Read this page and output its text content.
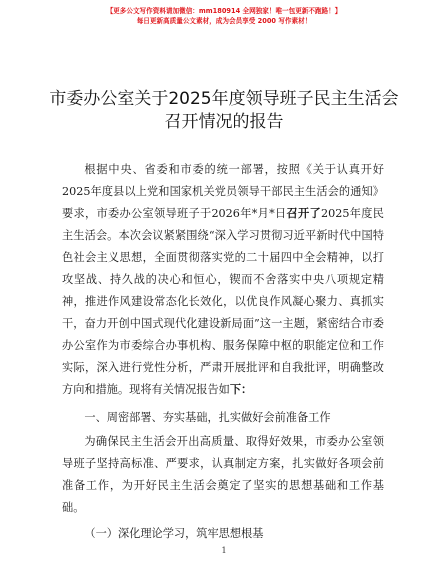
【更多公文写作资料请加微信：mm180914 全网独家！唯一包更新不跑路！】
每日更新高质量公文素材，成为会员享受 2000 写作素材！
市委办公室关于2025年度领导班子民主生活会
召开情况的报告

根据中央、省委和市委的统一部署，按照《关于认真开好2025年度县以上党和国家机关党员领导干部民主生活会的通知》要求，市委办公室领导班子于2026年*月*日召开了2025年度民主生活会。本次会议紧紧围绕“深入学习贯彻习近平新时代中国特色社会主义思想，全面贯彻落实党的二十届四中全会精神，以打攻坚战、持久战的决心和恒心，锲而不舍落实中央八项规定精神，推进作风建设常态化长效化，以优良作风凝心聚力、真抓实干，奋力开创中国式现代化建设新局面”这一主题，紧密结合市委办公室作为市委综合办事机构、服务保障中枢的职能定位和工作实际，深入进行党性分析，严肃开展批评和自我批评，明确整改方向和措施。现将有关情况报告如下：

一、周密部署、夯实基础，扎实做好会前准备工作

为确保民主生活会开出高质量、取得好效果，市委办公室领导班子坚持高标准、严要求，认真制定方案，扎实做好各项会前准备工作，为开好民主生活会奠定了坚实的思想基础和工作基础。

（一）深化理论学习，筑牢思想根基

1
